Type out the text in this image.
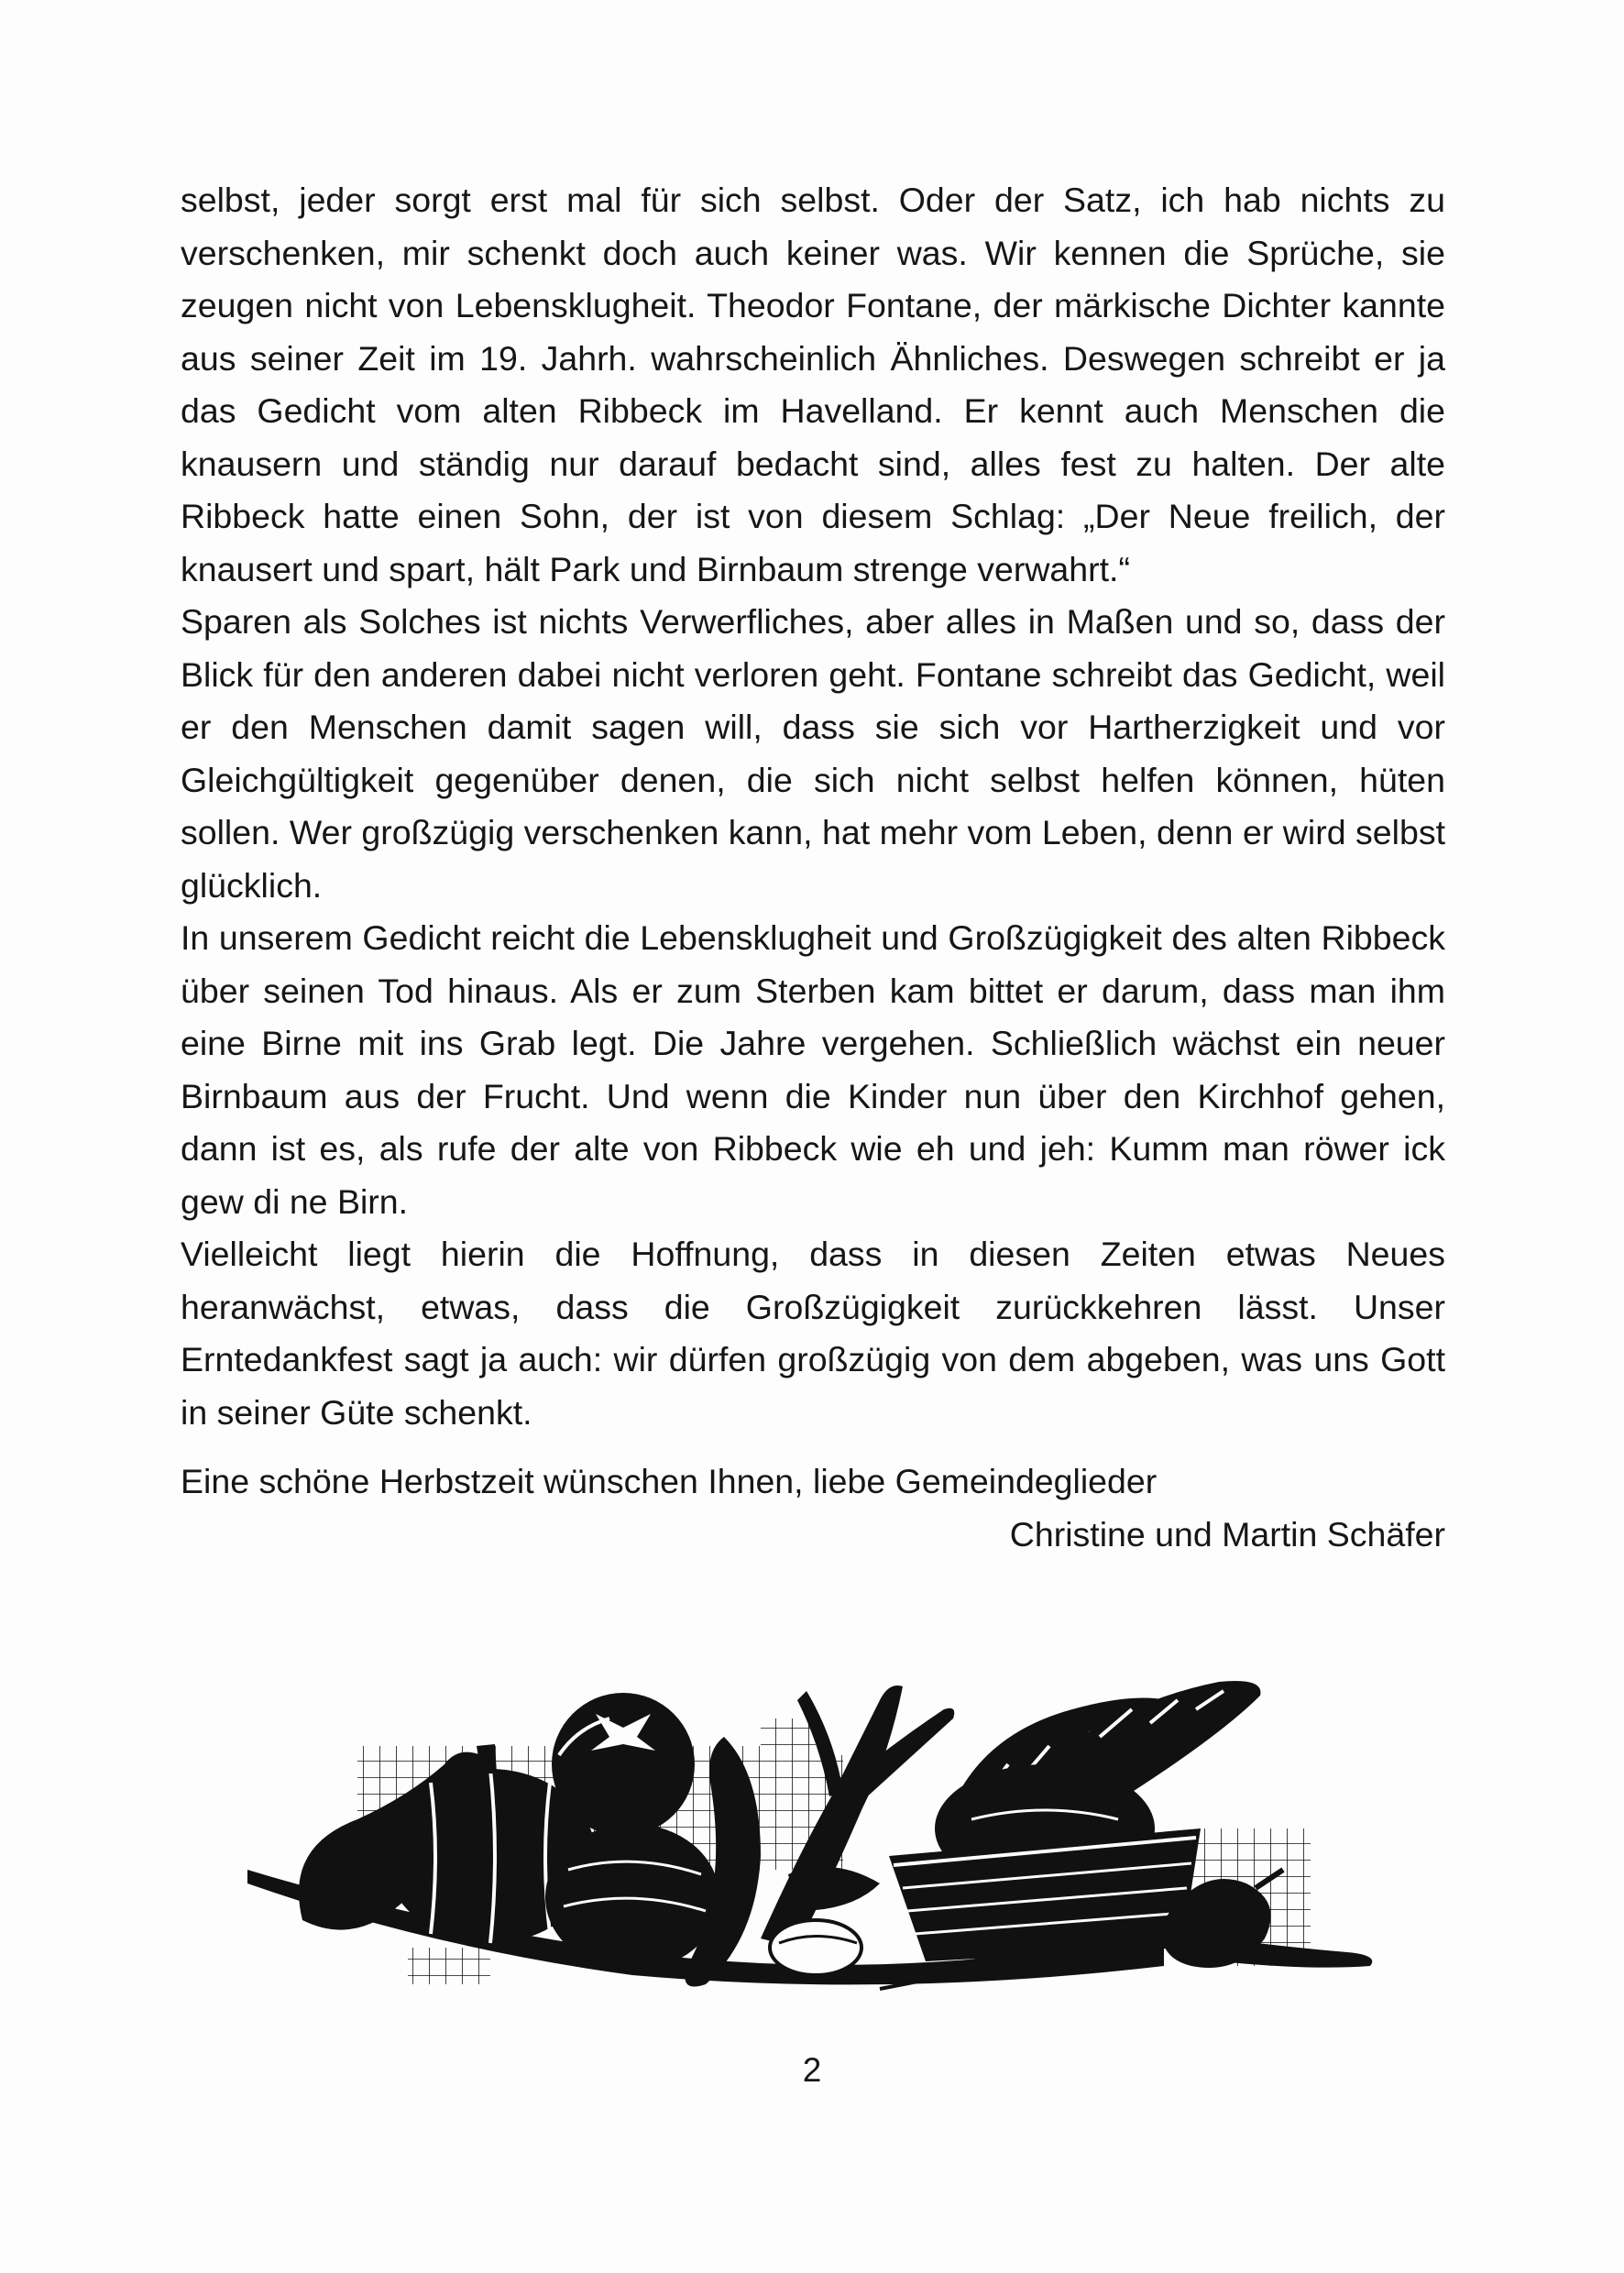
selbst, jeder sorgt erst mal für sich selbst. Oder der Satz, ich hab nichts zu verschenken, mir schenkt doch auch keiner was. Wir kennen die Sprüche, sie zeugen nicht von Lebensklugheit. Theodor Fontane, der märkische Dichter kannte aus seiner Zeit im 19. Jahrh. wahrscheinlich Ähnliches. Deswegen schreibt er ja das Gedicht vom alten Ribbeck im Havelland. Er kennt auch Menschen die knausern und ständig nur darauf bedacht sind, alles fest zu halten. Der alte Ribbeck hatte einen Sohn, der ist von diesem Schlag: „Der Neue freilich, der knausert und spart, hält Park und Birnbaum strenge verwahrt.“

Sparen als Solches ist nichts Verwerfliches, aber alles in Maßen und so, dass der Blick für den anderen dabei nicht verloren geht. Fontane schreibt das Gedicht, weil er den Menschen damit sagen will, dass sie sich vor Hartherzigkeit und vor Gleichgültigkeit gegenüber denen, die sich nicht selbst helfen können, hüten sollen. Wer großzügig verschenken kann, hat mehr vom Leben, denn er wird selbst glücklich.

In unserem Gedicht reicht die Lebensklugheit und Großzügigkeit des alten Ribbeck über seinen Tod hinaus. Als er zum Sterben kam bittet er darum, dass man ihm eine Birne mit ins Grab legt. Die Jahre vergehen. Schließlich wächst ein neuer Birnbaum aus der Frucht. Und wenn die Kinder nun über den Kirchhof gehen, dann ist es, als rufe der alte von Ribbeck wie eh und jeh: Kumm man röwer ick gew di ne Birn.

Vielleicht liegt hierin die Hoffnung, dass in diesen Zeiten etwas Neues heranwächst, etwas, dass die Großzügigkeit zurückkehren lässt. Unser Erntedankfest sagt ja auch: wir dürfen großzügig von dem abgeben, was uns Gott in seiner Güte schenkt.

Eine schöne Herbstzeit wünschen Ihnen, liebe Gemeindeglieder

Christine und Martin Schäfer

2
